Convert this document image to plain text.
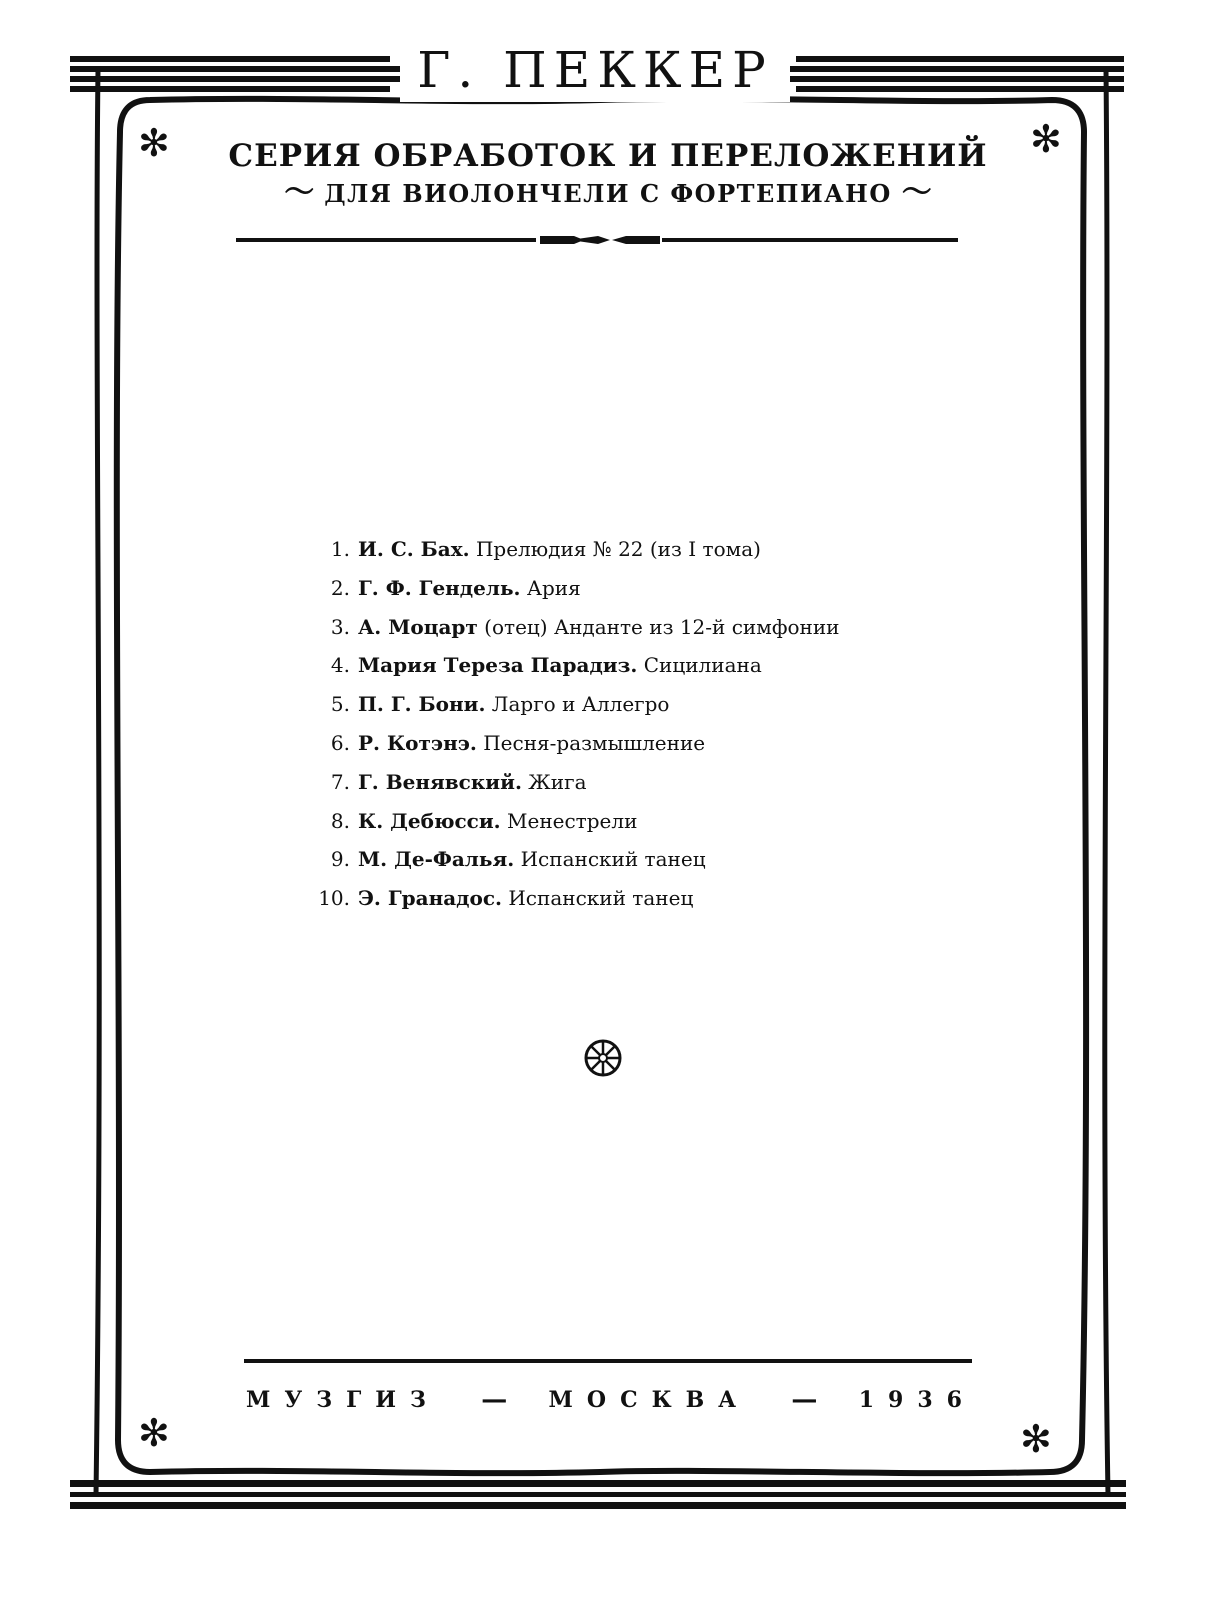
Г. ПЕККЕР
✻	✻
✻	✻
СЕРИЯ ОБРАБОТОК И ПЕРЕЛОЖЕНИЙ
〜 ДЛЯ ВИОЛОНЧЕЛИ С ФОРТЕПИАНО 〜
1. И. С. Бах. Прелюдия № 22 (из I тома)
2. Г. Ф. Гендель. Ария
3. А. Моцарт (отец) Анданте из 12-й симфонии
4. Мария Тереза Парадиз. Сицилиана
5. П. Г. Бони. Ларго и Аллегро
6. Р. Котэнэ. Песня-размышление
7. Г. Венявский. Жига
8. К. Дебюсси. Менестрели
9. М. Де-Фалья. Испанский танец
10. Э. Гранадос. Испанский танец
МУЗГИЗ — МОСКВА — 1936
